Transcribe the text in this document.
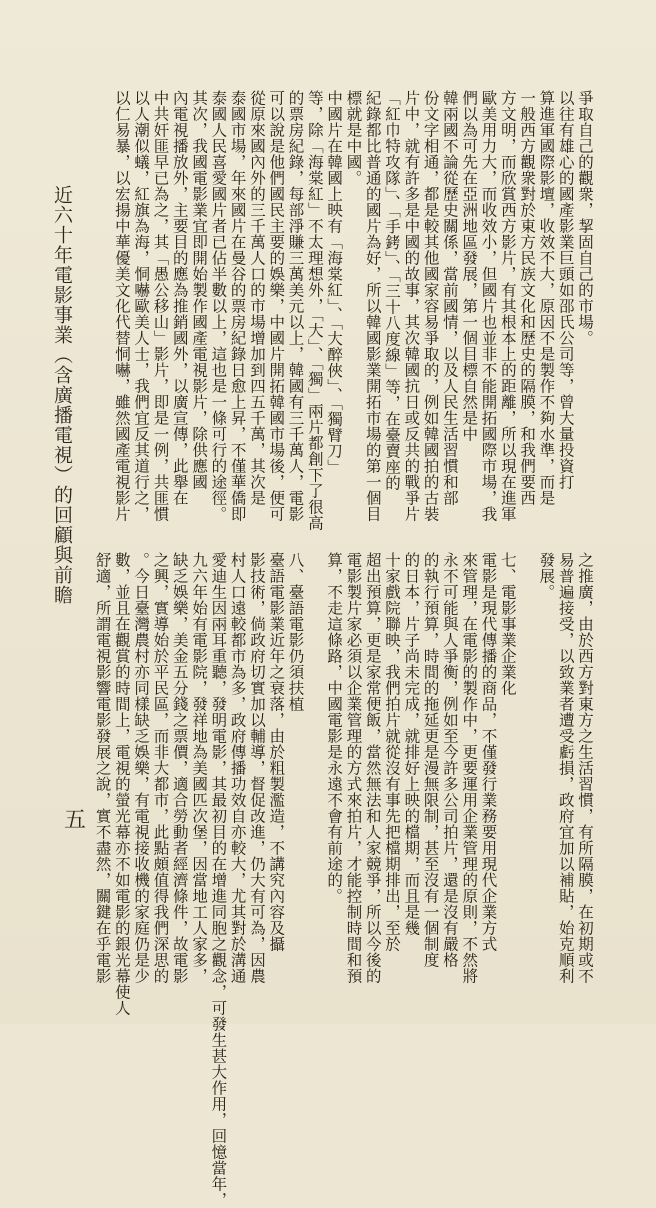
近六十年電影事業（含廣播電視）的回顧與前瞻
五
爭取自己的觀衆，挈固自己的市場。
以往有雄心的國產影業巨頭如邵氏公司等，曾大量投資打
算進軍國際影壇，收效不大，原因不是製作不夠水準，而是
一般西方觀衆對於東方民族文化和歷史的隔膜，和我們要西
方文明，而欣賞西方影片，有其根本上的距離，所以現在進軍
歐美用力大，而收效小，但國片也並非不能開拓國際市場，我
們以為可先在亞洲地區發展，第一個目標自然是中
韓兩國不論從歷史關係，當前國情，以及人民生活習慣和部
份文字相通，都是較其他國家容易爭取的，例如韓國拍的古裝
片中，就有許多是中國的故事，其次韓國抗日或反共的戰爭片
「紅巾特攻隊」、「手銬」、「三十八度線」等，在臺賣座的
紀錄都比普通的國片為好，所以韓國影業開拓市場的第一個目
標就是中國。
中國片在韓國上映有「海棠紅」、「大醉俠」、「獨臂刀」
等，除「海棠紅」不太理想外，「大」、「獨」兩片都創下了很高
的票房紀錄，每部淨賺三萬美元以上，韓國有三千萬人，電影
可以說是他們國民主要的娛樂，中國片開拓韓國市場後，便可
從原來國內外的三千萬人口的市場增加到四五千萬，其次是
泰國市場，年來國片在曼谷的票房紀錄日愈上昇，不僅華僑即
泰國人民喜愛國片者已佔半數以上，這也是一條可行的途徑。
其次，我國電影業宜即開始製作國產電視影片，除供應國
內電視播放外，主要目的應為推銷國外，以廣宣傳，此舉在
中共奸匪早已為之，其「愚公移山」影片，即是一例，共匪慣
以人潮似蟻，紅旗為海，恫嚇歐美人士，我們宜反其道行之，
以仁易暴，以宏揚中華優美文化代替恫嚇，雖然國產電視影片
之推廣，由於西方對東方之生活習慣，有所隔膜，在初期或不
易普遍接受，以致業者遭受虧損，政府宜加以補貼，始克順利
發展。

七、電影事業企業化
電影是現代傳播的商品，不僅發行業務要用現代企業方式
來管理，在電影的製作中，更要運用企業管理的原則，不然將
永不可能與人爭衡，例如至今許多公司拍片，還是沒有嚴格
的執行預算，時間的拖延更是漫無限制，甚至沒有一個制度
的日本，片子尚未完成，就排好上映的檔期，而且是幾
十家戲院聯映，我們拍片就從沒有事先把檔期排出，至於
超出預算，更是家常便飯，當然無法和人家競爭，所以今後的
電影製片家必須以企業管理的方式來拍片，才能控制時間和預
算，不走這條路，中國電影是永遠不會有前途的。

八、臺語電影仍須扶植
臺語電影業近年之衰落，由於粗製濫造，不講究內容及攝
影技術，倘政府切實加以輔導，督促改進，仍大有可為，因農
村人口遠較都市為多，政府傳播功效自亦較大，尤其對於溝通
愛迪生因兩耳重聽，發明電影，其最初目的在增進同胞之觀念，可發生甚大作用，回憶當年，
九六年始有電影院，發祥地為美國匹次堡，因當地工人家多，
缺乏娛樂，美金五分錢之票價，適合勞動者經濟條件，故電影
之興，實導始於平民區，而非大都市，此點頗值得我們深思的
。今日臺灣農村亦同樣缺乏娛樂，有電視接收機的家庭仍是少
數，並且在觀賞的時間上，電視的螢光幕亦不如電影的銀光幕使人
舒適，所謂電視影響電影發展之說，實不盡然，關鍵在乎電影
